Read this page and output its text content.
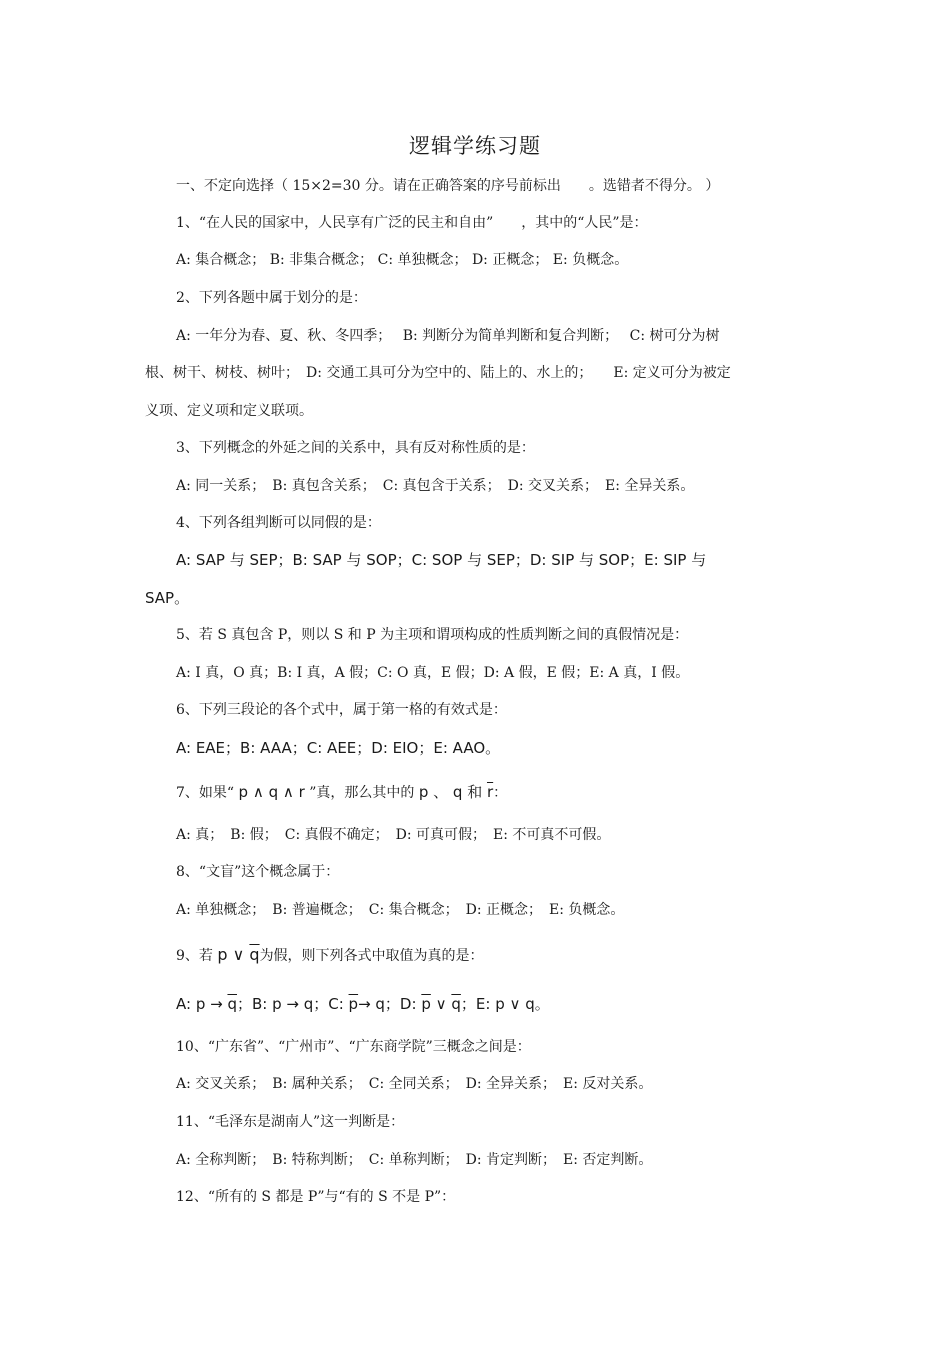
逻辑学练习题
一、不定向选择（ 15×2=30 分。请在正确答案的序号前标出　　。选错者不得分。 ）
1、“在人民的国家中，人民享有广泛的民主和自由”　　，其中的“人民”是：
A: 集合概念； B: 非集合概念； C: 单独概念； D: 正概念； E: 负概念。
2、下列各题中属于划分的是：
A: 一年分为春、夏、秋、冬四季；　 B: 判断分为简单判断和复合判断；　 C: 树可分为树
根、树干、树枝、树叶；　D: 交通工具可分为空中的、陆上的、水上的；　　E: 定义可分为被定
义项、定义项和定义联项。
3、下列概念的外延之间的关系中，具有反对称性质的是：
A: 同一关系；　B: 真包含关系；　C: 真包含于关系；　D: 交叉关系；　E: 全异关系。
4、下列各组判断可以同假的是：
A: SAP 与 SEP；B: SAP 与 SOP；C: SOP 与 SEP；D: SIP 与 SOP；E: SIP 与
SAP。
5、若 S 真包含 P，则以 S 和 P 为主项和谓项构成的性质判断之间的真假情况是：
A: I 真，O 真；B: I 真，A 假；C: O 真，E 假；D: A 假，E 假；E: A 真，I 假。
6、下列三段论的各个式中，属于第一格的有效式是：
A: EAE；B: AAA；C: AEE；D: EIO；E: AAO。
7、如果“ p ∧ q ∧ r ”真，那么其中的 p 、 q 和 $\overline{r}$：
A: 真；　B: 假；　C: 真假不确定；　D: 可真可假；　E: 不可真不可假。
8、“文盲”这个概念属于：
A: 单独概念；　B: 普遍概念；　C: 集合概念；　D: 正概念；　E: 负概念。
9、若 p ∨ $\overline{q}$为假，则下列各式中取值为真的是：
A: $p \to \overline{q}$；B: p → q；C: $\overline{p}\to q$；D: $\overline{p}$ ∨ $\overline{q}$；E: p ∨ q。
10、“广东省”、“广州市”、“广东商学院”三概念之间是：
A: 交叉关系；　B: 属种关系；　C: 全同关系；　D: 全异关系；　E: 反对关系。
11、“毛泽东是湖南人”这一判断是：
A: 全称判断；　B: 特称判断；　C: 单称判断；　D: 肯定判断；　E: 否定判断。
12、“所有的 S 都是 P”与“有的 S 不是 P”：
